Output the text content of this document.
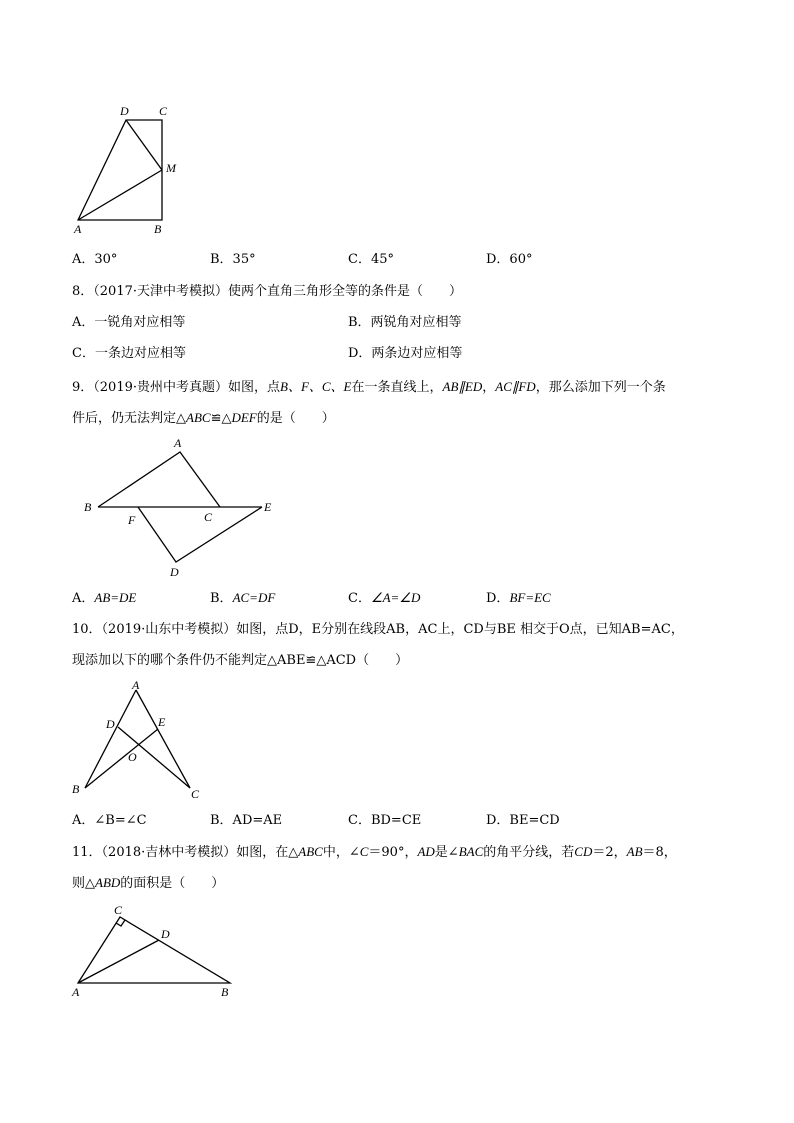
D	C
M
A	B
A．30°	B．35°	C．45°	D．60°
8．（2017·天津中考模拟）使两个直角三角形全等的条件是（　　）
A．一锐角对应相等	B．两锐角对应相等
C．一条边对应相等	D．两条边对应相等
9．（2019·贵州中考真题）如图，点B、F、C、E在一条直线上，AB∥ED，AC∥FD，那么添加下列一个条
件后，仍无法判定△ABC≌△DEF的是（　　）
A
B
F	C
E
D
A．AB=DE	B．AC=DF	C．∠A=∠D	D．BF=EC
10．（2019·山东中考模拟）如图，点D，E分别在线段AB，AC上，CD与BE 相交于O点，已知AB=AC，
现添加以下的哪个条件仍不能判定△ABE≌△ACD（　　）
A
D	E
O
B	C
A．∠B=∠C	B．AD=AE	C．BD=CE	D．BE=CD
11．（2018·吉林中考模拟）如图，在△ABC中，∠C＝90°，AD是∠BAC的角平分线，若CD＝2，AB＝8，
则△ABD的面积是（　　）
C
D
A	B
